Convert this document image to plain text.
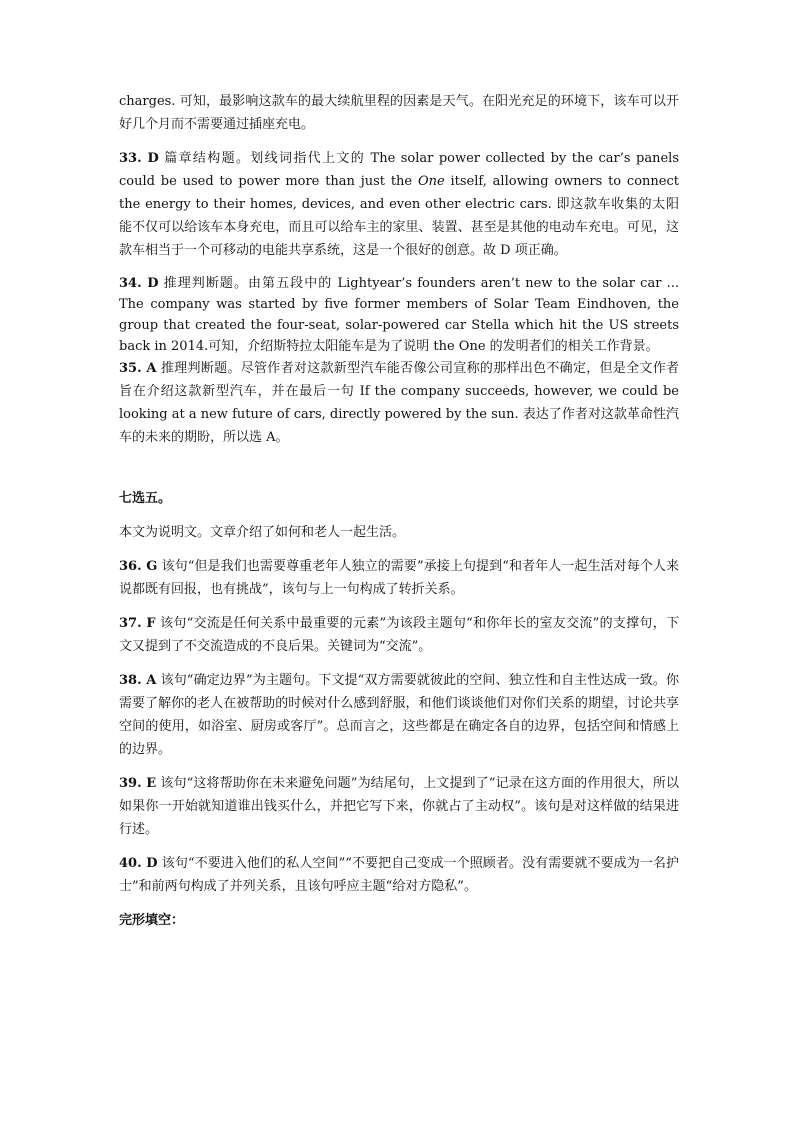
charges. 可知，最影响这款车的最大续航里程的因素是天气。在阳光充足的环境下，该车可以开好几个月而不需要通过插座充电。

33. D 篇章结构题。划线词指代上文的 The solar power collected by the car’s panels could be used to power more than just the One itself, allowing owners to connect the energy to their homes, devices, and even other electric cars. 即这款车收集的太阳能不仅可以给该车本身充电，而且可以给车主的家里、装置、甚至是其他的电动车充电。可见，这款车相当于一个可移动的电能共享系统，这是一个很好的创意。故 D 项正确。

34. D 推理判断题。由第五段中的 Lightyear’s founders aren’t new to the solar car ... The company was started by five former members of Solar Team Eindhoven, the group that created the four-seat, solar-powered car Stella which hit the US streets back in 2014.可知，介绍斯特拉太阳能车是为了说明 the One 的发明者们的相关工作背景。

35. A 推理判断题。尽管作者对这款新型汽车能否像公司宣称的那样出色不确定，但是全文作者旨在介绍这款新型汽车，并在最后一句 If the company succeeds, however, we could be looking at a new future of cars, directly powered by the sun. 表达了作者对这款革命性汽车的未来的期盼，所以选 A。

七选五。

本文为说明文。文章介绍了如何和老人一起生活。

36. G 该句“但是我们也需要尊重老年人独立的需要”承接上句提到“和者年人一起生活对每个人来说都既有回报，也有挑战”，该句与上一句构成了转折关系。

37. F 该句“交流是任何关系中最重要的元素”为该段主题句“和你年长的室友交流”的支撑句，下文又提到了不交流造成的不良后果。关键词为“交流”。

38. A 该句“确定边界”为主题句。下文提“双方需要就彼此的空间、独立性和自主性达成一致。你需要了解你的老人在被帮助的时候对什么感到舒服，和他们谈谈他们对你们关系的期望，讨论共享空间的使用，如浴室、厨房或客厅”。总而言之，这些都是在确定各自的边界，包括空间和情感上的边界。

39. E 该句“这将帮助你在未来避免问题”为结尾句，上文提到了“记录在这方面的作用很大，所以如果你一开始就知道谁出钱买什么，并把它写下来，你就占了主动权”。该句是对这样做的结果进行述。

40. D 该句“不要进入他们的私人空间”“不要把自己变成一个照顾者。没有需要就不要成为一名护士”和前两句构成了并列关系，且该句呼应主题“给对方隐私”。

完形填空：
